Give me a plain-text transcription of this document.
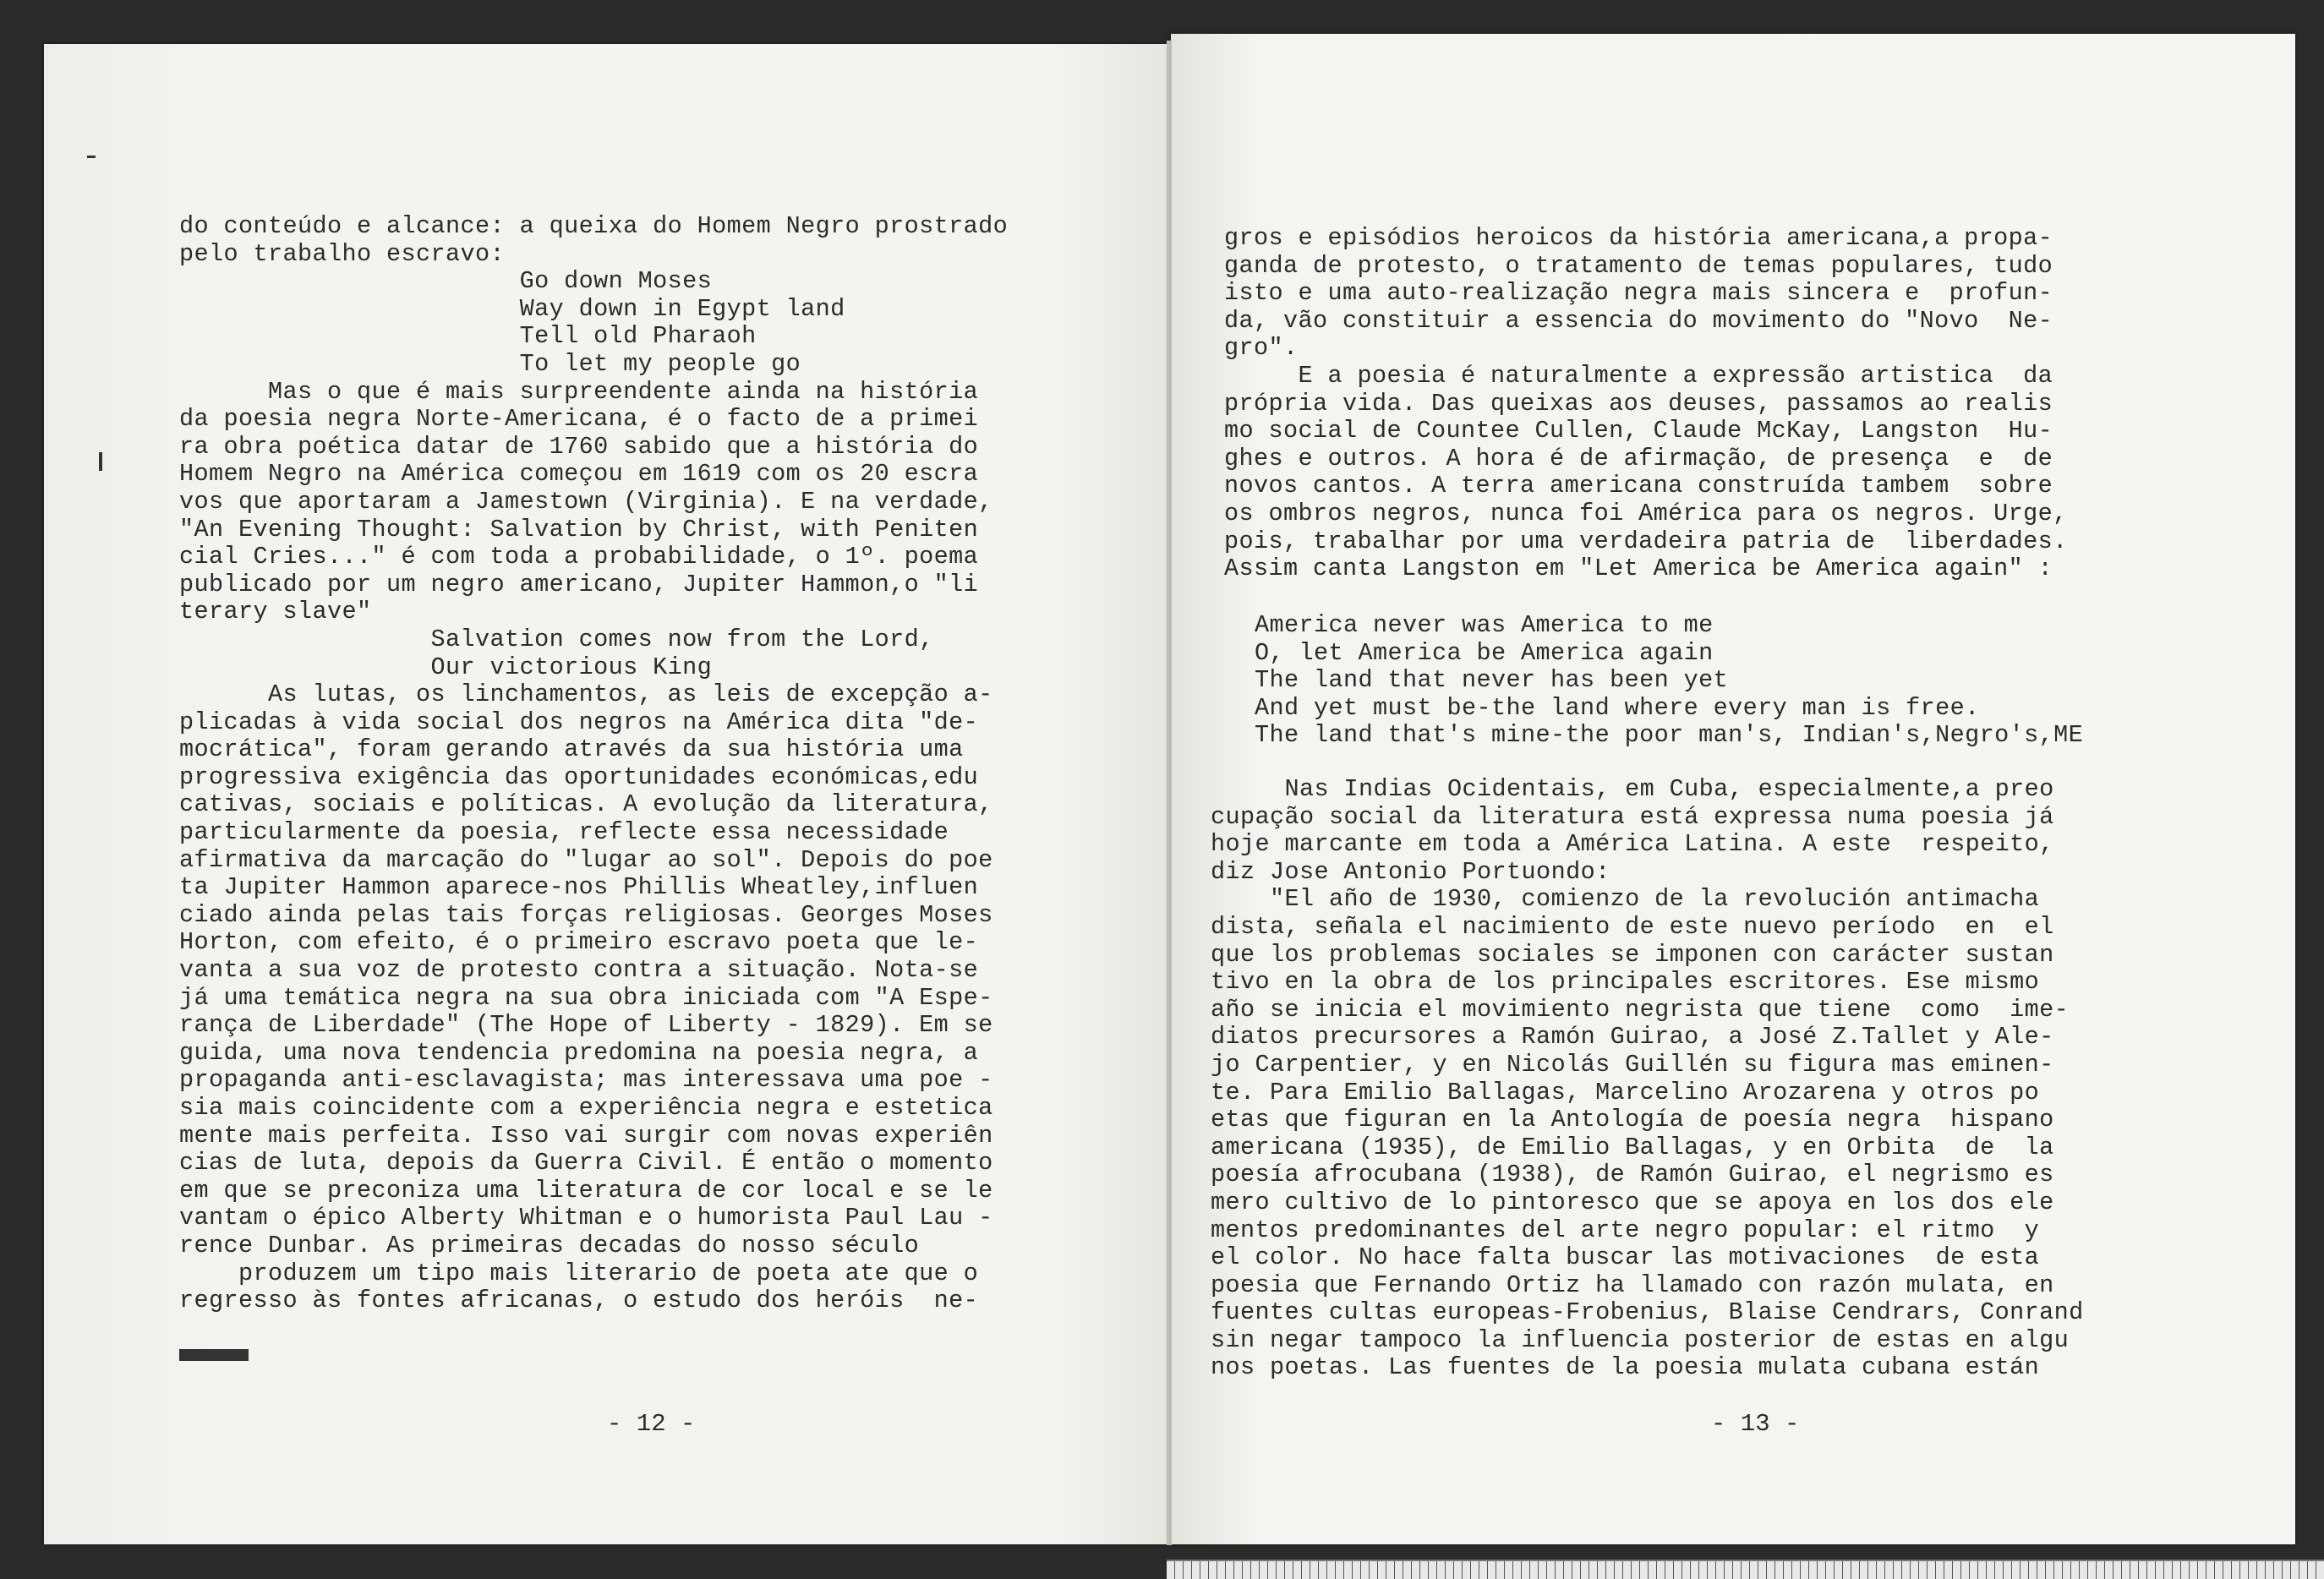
do conteúdo e alcance: a queixa do Homem Negro prostrado
pelo trabalho escravo:
Go down Moses
Way down in Egypt land
Tell old Pharaoh
To let my people go
Mas o que é mais surpreendente ainda na história
da poesia negra Norte-Americana, é o facto de a primei
ra obra poética datar de 1760 sabido que a história do
Homem Negro na América começou em 1619 com os 20 escra
vos que aportaram a Jamestown (Virginia). E na verdade,
"An Evening Thought: Salvation by Christ, with Peniten
cial Cries..." é com toda a probabilidade, o 1º. poema
publicado por um negro americano, Jupiter Hammon,o "li
terary slave"
Salvation comes now from the Lord,
Our victorious King
As lutas, os linchamentos, as leis de excepção a-
plicadas à vida social dos negros na América dita "de-
mocrática", foram gerando através da sua história uma
progressiva exigência das oportunidades económicas,edu
cativas, sociais e políticas. A evolução da literatura,
particularmente da poesia, reflecte essa necessidade
afirmativa da marcação do "lugar ao sol". Depois do poe
ta Jupiter Hammon aparece-nos Phillis Wheatley,influen
ciado ainda pelas tais forças religiosas. Georges Moses
Horton, com efeito, é o primeiro escravo poeta que le-
vanta a sua voz de protesto contra a situação. Nota-se
já uma temática negra na sua obra iniciada com "A Espe-
rança de Liberdade" (The Hope of Liberty - 1829). Em se
guida, uma nova tendencia predomina na poesia negra, a
propaganda anti-esclavagista; mas interessava uma poe -
sia mais coincidente com a experiência negra e estetica
mente mais perfeita. Isso vai surgir com novas experiên
cias de luta, depois da Guerra Civil. É então o momento
em que se preconiza uma literatura de cor local e se le
vantam o épico Alberty Whitman e o humorista Paul Lau -
rence Dunbar. As primeiras decadas do nosso século
produzem um tipo mais literario de poeta ate que o
regresso às fontes africanas, o estudo dos heróis  ne-
- 12 -
gros e episódios heroicos da história americana,a propa-
ganda de protesto, o tratamento de temas populares, tudo
isto e uma auto-realização negra mais sincera e  profun-
da, vão constituir a essencia do movimento do "Novo  Ne-
gro".
E a poesia é naturalmente a expressão artistica  da
própria vida. Das queixas aos deuses, passamos ao realis
mo social de Countee Cullen, Claude McKay, Langston  Hu-
ghes e outros. A hora é de afirmação, de presença  e  de
novos cantos. A terra americana construída tambem  sobre
os ombros negros, nunca foi América para os negros. Urge,
pois, trabalhar por uma verdadeira patria de  liberdades.
Assim canta Langston em "Let America be America again" :
America never was America to me
O, let America be America again
The land that never has been yet
And yet must be-the land where every man is free.
The land that's mine-the poor man's, Indian's,Negro's,ME
Nas Indias Ocidentais, em Cuba, especialmente,a preo
cupação social da literatura está expressa numa poesia já
hoje marcante em toda a América Latina. A este  respeito,
diz Jose Antonio Portuondo:
"El año de 1930, comienzo de la revolución antimacha
dista, señala el nacimiento de este nuevo período  en  el
que los problemas sociales se imponen con carácter sustan
tivo en la obra de los principales escritores. Ese mismo
año se inicia el movimiento negrista que tiene  como  ime-
diatos precursores a Ramón Guirao, a José Z.Tallet y Ale-
jo Carpentier, y en Nicolás Guillén su figura mas eminen-
te. Para Emilio Ballagas, Marcelino Arozarena y otros po
etas que figuran en la Antología de poesía negra  hispano
americana (1935), de Emilio Ballagas, y en Orbita  de  la
poesía afrocubana (1938), de Ramón Guirao, el negrismo es
mero cultivo de lo pintoresco que se apoya en los dos ele
mentos predominantes del arte negro popular: el ritmo  y
el color. No hace falta buscar las motivaciones  de esta
poesia que Fernando Ortiz ha llamado con razón mulata, en
fuentes cultas europeas-Frobenius, Blaise Cendrars, Conrand
sin negar tampoco la influencia posterior de estas en algu
nos poetas. Las fuentes de la poesia mulata cubana están
- 13 -
